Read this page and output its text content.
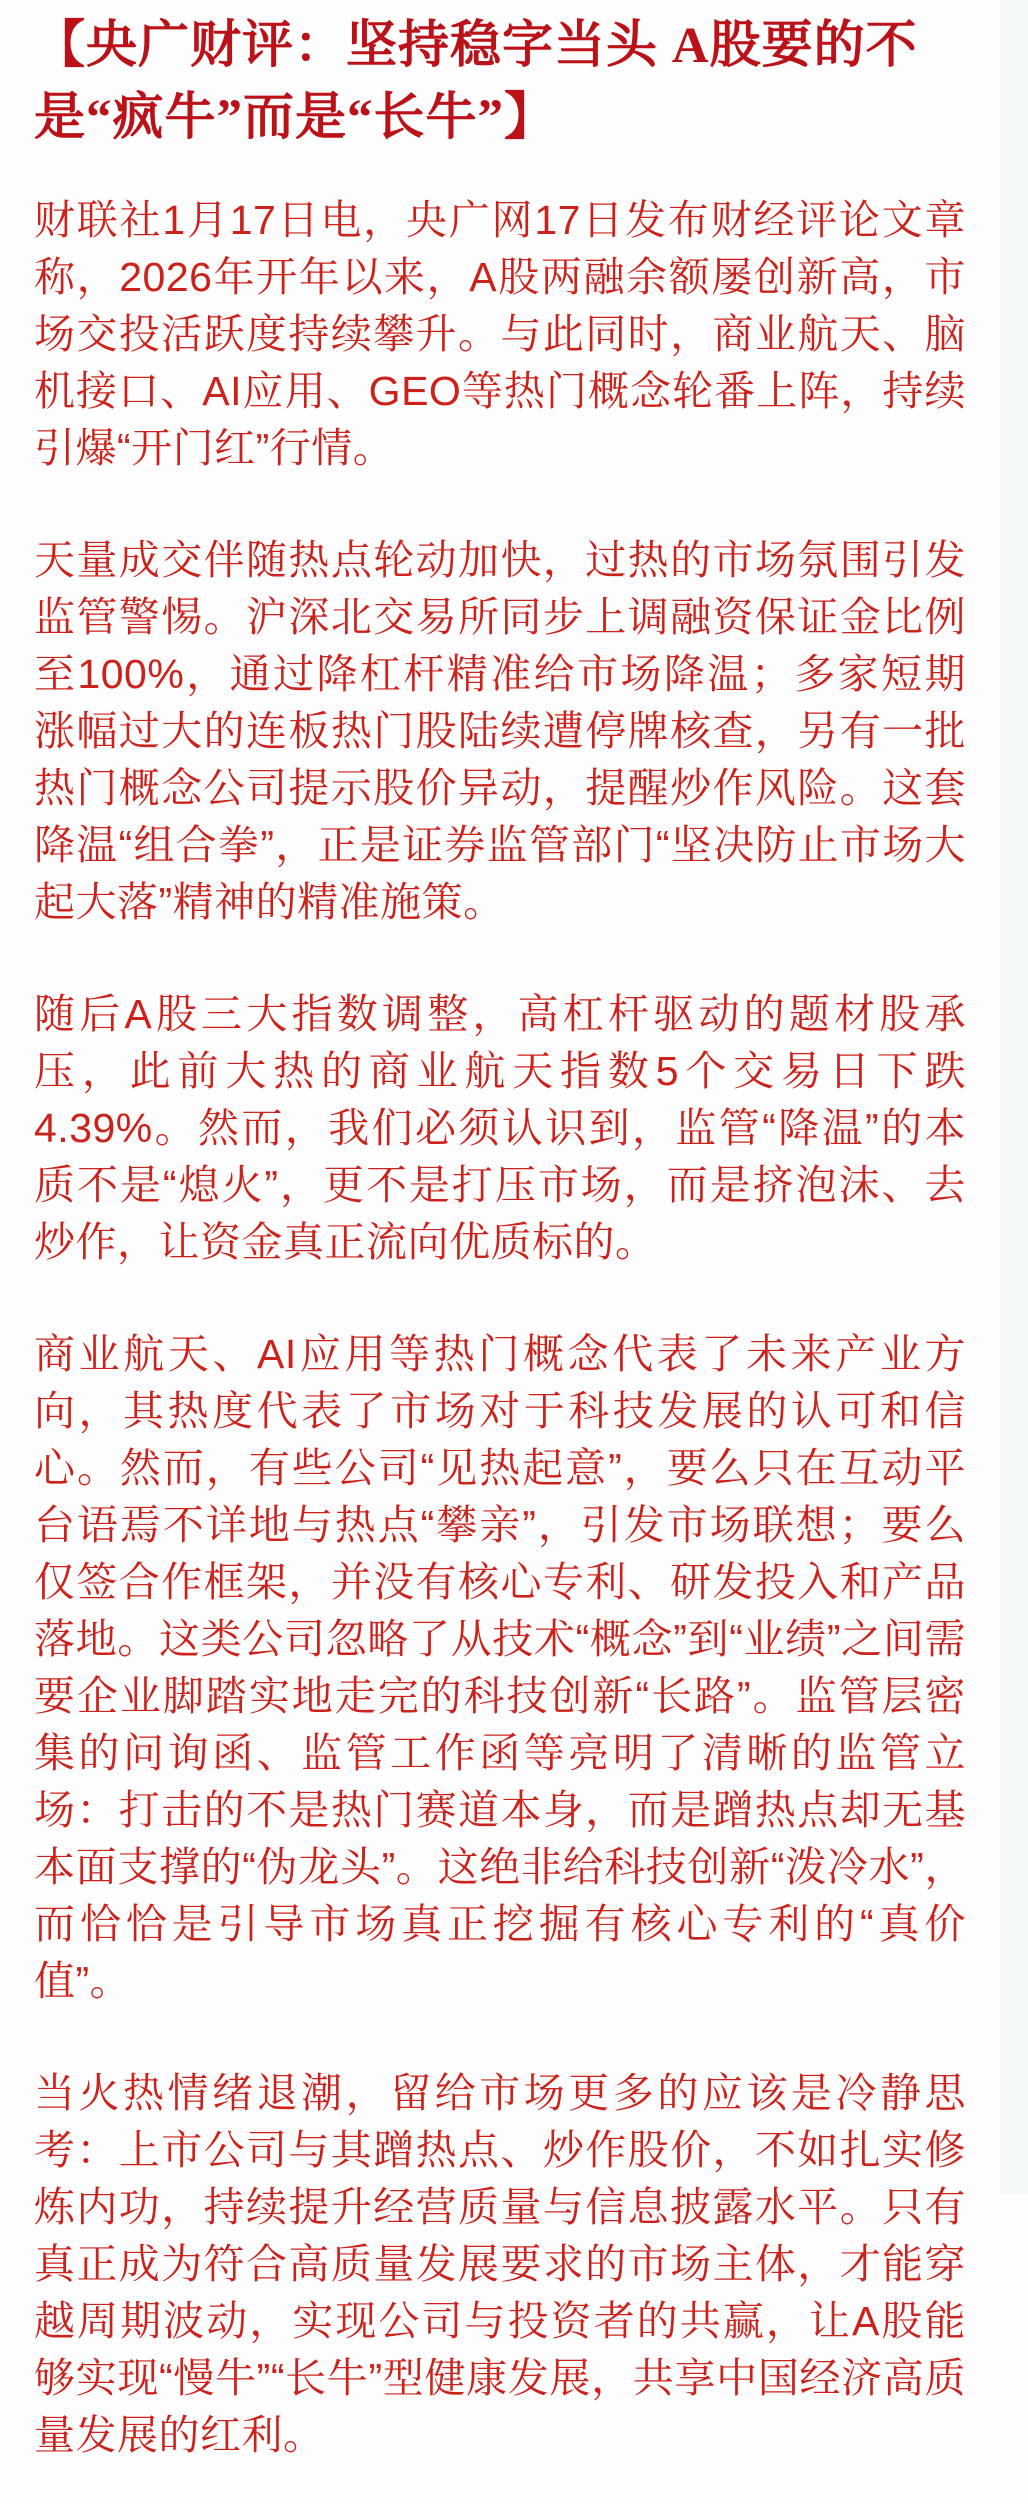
【央广财评：坚持稳字当头 A股要的不是“疯牛”而是“长牛”】

财联社1月17日电，央广网17日发布财经评论文章称，2026年开年以来，A股两融余额屡创新高，市场交投活跃度持续攀升。与此同时，商业航天、脑机接口、AI应用、GEO等热门概念轮番上阵，持续引爆“开门红”行情。

天量成交伴随热点轮动加快，过热的市场氛围引发监管警惕。沪深北交易所同步上调融资保证金比例至100%，通过降杠杆精准给市场降温；多家短期涨幅过大的连板热门股陆续遭停牌核查，另有一批热门概念公司提示股价异动，提醒炒作风险。这套降温“组合拳”，正是证券监管部门“坚决防止市场大起大落”精神的精准施策。

随后A股三大指数调整，高杠杆驱动的题材股承压，此前大热的商业航天指数5个交易日下跌4.39%。然而，我们必须认识到，监管“降温”的本质不是“熄火”，更不是打压市场，而是挤泡沫、去炒作，让资金真正流向优质标的。

商业航天、AI应用等热门概念代表了未来产业方向，其热度代表了市场对于科技发展的认可和信心。然而，有些公司“见热起意”，要么只在互动平台语焉不详地与热点“攀亲”，引发市场联想；要么仅签合作框架，并没有核心专利、研发投入和产品落地。这类公司忽略了从技术“概念”到“业绩”之间需要企业脚踏实地走完的科技创新“长路”。监管层密集的问询函、监管工作函等亮明了清晰的监管立场：打击的不是热门赛道本身，而是蹭热点却无基本面支撑的“伪龙头”。这绝非给科技创新“泼冷水”，而恰恰是引导市场真正挖掘有核心专利的“真价值”。

当火热情绪退潮，留给市场更多的应该是冷静思考：上市公司与其蹭热点、炒作股价，不如扎实修炼内功，持续提升经营质量与信息披露水平。只有真正成为符合高质量发展要求的市场主体，才能穿越周期波动，实现公司与投资者的共赢，让A股能够实现“慢牛”“长牛”型健康发展，共享中国经济高质量发展的红利。
